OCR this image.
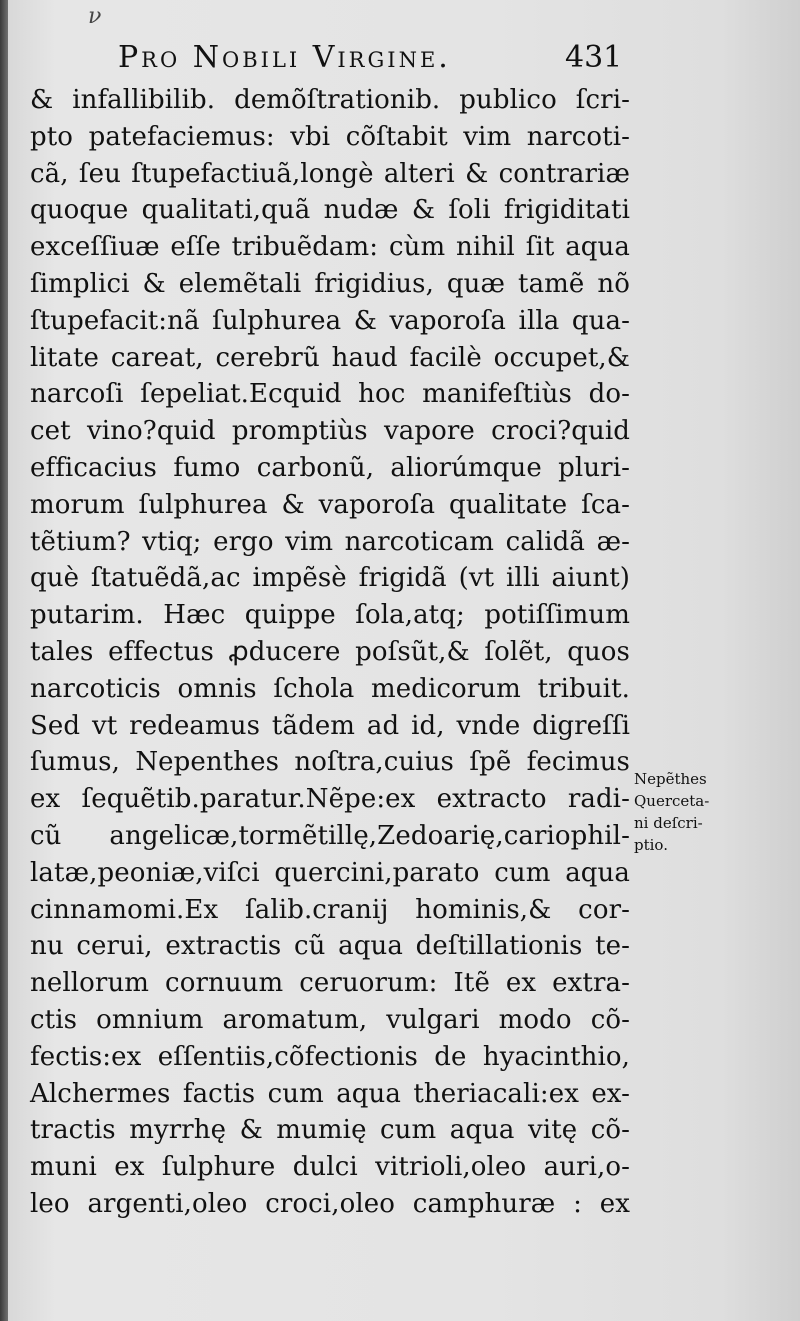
ν
Pro Nobili Virgine.	431
& infallibilib. demõſtrationib. publico ſcri-
pto patefaciemus: vbi cõſtabit vim narcoti-
cã, ſeu ſtupefactiuã,longè alteri & contrariæ
quoque qualitati,quã nudæ & ſoli frigiditati
exceſſiuæ eſſe tribuẽdam: cùm nihil ſit aqua
ſimplici & elemẽtali frigidius, quæ tamẽ nõ
ſtupefacit:nã ſulphurea & vaporoſa illa qua-
litate careat, cerebrũ haud facilè occupet,&
narcoſi ſepeliat.Ecquid hoc manifeſtiùs do-
cet vino?quid promptiùs vapore croci?quid
efficacius fumo carbonũ, aliorúmque pluri-
morum ſulphurea & vaporoſa qualitate ſca-
tẽtium? vtiq; ergo vim narcoticam calidã æ-
què ſtatuẽdã,ac impẽsè frigidã (vt illi aiunt)
putarim. Hæc quippe ſola,atq; potiſſimum
tales effectus ꝓducere poſsũt,& ſolẽt, quos
narcoticis omnis ſchola medicorum tribuit.
Sed vt redeamus tãdem ad id, vnde digreſſi
ſumus, Nepenthes noſtra,cuius ſpẽ fecimus
ex ſequẽtib.paratur.Nẽpe:ex extracto radi-
cũ angelicæ,tormẽtillę,Zedoarię,cariophil-
latæ,peoniæ,viſci quercini,parato cum aqua
cinnamomi.Ex ſalib.cranij hominis,& cor-
nu cerui, extractis cũ aqua deſtillationis te-
nellorum cornuum ceruorum: Itẽ ex extra-
ctis omnium aromatum, vulgari modo cõ-
fectis:ex eſſentiis,cõfectionis de hyacinthio,
Alchermes factis cum aqua theriacali:ex ex-
tractis myrrhę & mumię cum aqua vitę cõ-
muni ex ſulphure dulci vitrioli,oleo auri,o-
leo argenti,oleo croci,oleo camphuræ : ex
Nepẽthes
Quercetа-
ni deſcri-
ptio.
